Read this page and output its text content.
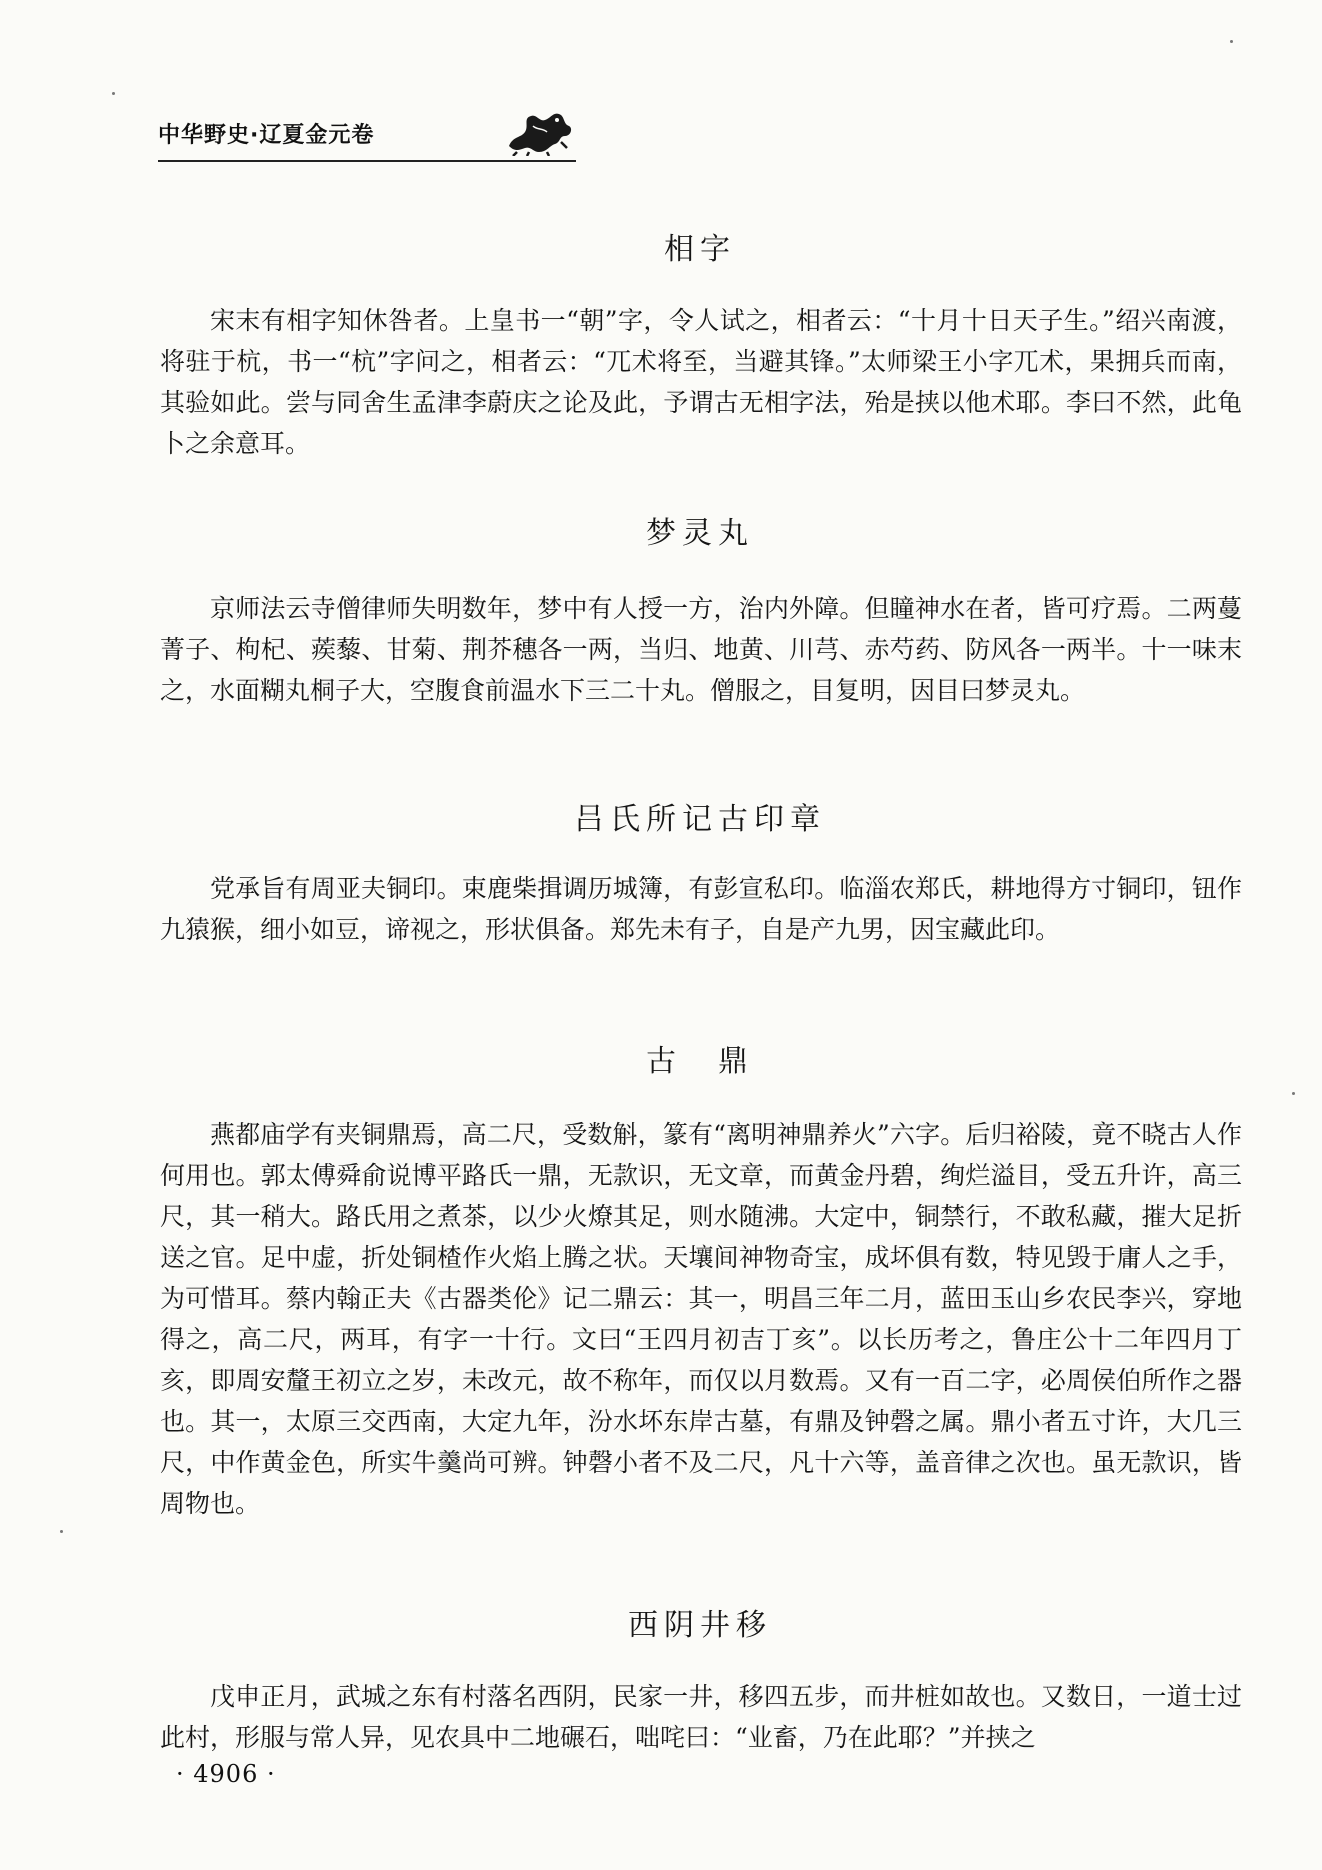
中华野史·辽夏金元卷
相字

宋末有相字知休咎者。上皇书一“朝”字，令人试之，相者云：“十月十日天子生。”绍兴南渡，将驻于杭，书一“杭”字问之，相者云：“兀术将至，当避其锋。”太师梁王小字兀术，果拥兵而南，其验如此。尝与同舍生孟津李蔚庆之论及此，予谓古无相字法，殆是挟以他术耶。李曰不然，此龟卜之余意耳。

梦灵丸

京师法云寺僧律师失明数年，梦中有人授一方，治内外障。但瞳神水在者，皆可疗焉。二两蔓菁子、枸杞、蒺藜、甘菊、荆芥穗各一两，当归、地黄、川芎、赤芍药、防风各一两半。十一味末之，水面糊丸桐子大，空腹食前温水下三二十丸。僧服之，目复明，因目曰梦灵丸。

吕氏所记古印章

党承旨有周亚夫铜印。束鹿柴揖调历城簿，有彭宣私印。临淄农郑氏，耕地得方寸铜印，钮作九猿猴，细小如豆，谛视之，形状俱备。郑先未有子，自是产九男，因宝藏此印。

古　鼎

燕都庙学有夹铜鼎焉，高二尺，受数斛，篆有“离明神鼎养火”六字。后归裕陵，竟不晓古人作何用也。郭太傅舜俞说博平路氏一鼎，无款识，无文章，而黄金丹碧，绚烂溢目，受五升许，高三尺，其一稍大。路氏用之煮茶，以少火燎其足，则水随沸。大定中，铜禁行，不敢私藏，摧大足折送之官。足中虚，折处铜楂作火焰上腾之状。天壤间神物奇宝，成坏俱有数，特见毁于庸人之手，为可惜耳。蔡内翰正夫《古器类伦》记二鼎云：其一，明昌三年二月，蓝田玉山乡农民李兴，穿地得之，高二尺，两耳，有字一十行。文曰“王四月初吉丁亥”。以长历考之，鲁庄公十二年四月丁亥，即周安釐王初立之岁，未改元，故不称年，而仅以月数焉。又有一百二字，必周侯伯所作之器也。其一，太原三交西南，大定九年，汾水坏东岸古墓，有鼎及钟磬之属。鼎小者五寸许，大几三尺，中作黄金色，所实牛羹尚可辨。钟磬小者不及二尺，凡十六等，盖音律之次也。虽无款识，皆周物也。

西阴井移

戊申正月，武城之东有村落名西阴，民家一井，移四五步，而井桩如故也。又数日，一道士过此村，形服与常人异，见农具中二地碾石，咄咤曰：“业畜，乃在此耶？”并挟之

· 4906 ·
